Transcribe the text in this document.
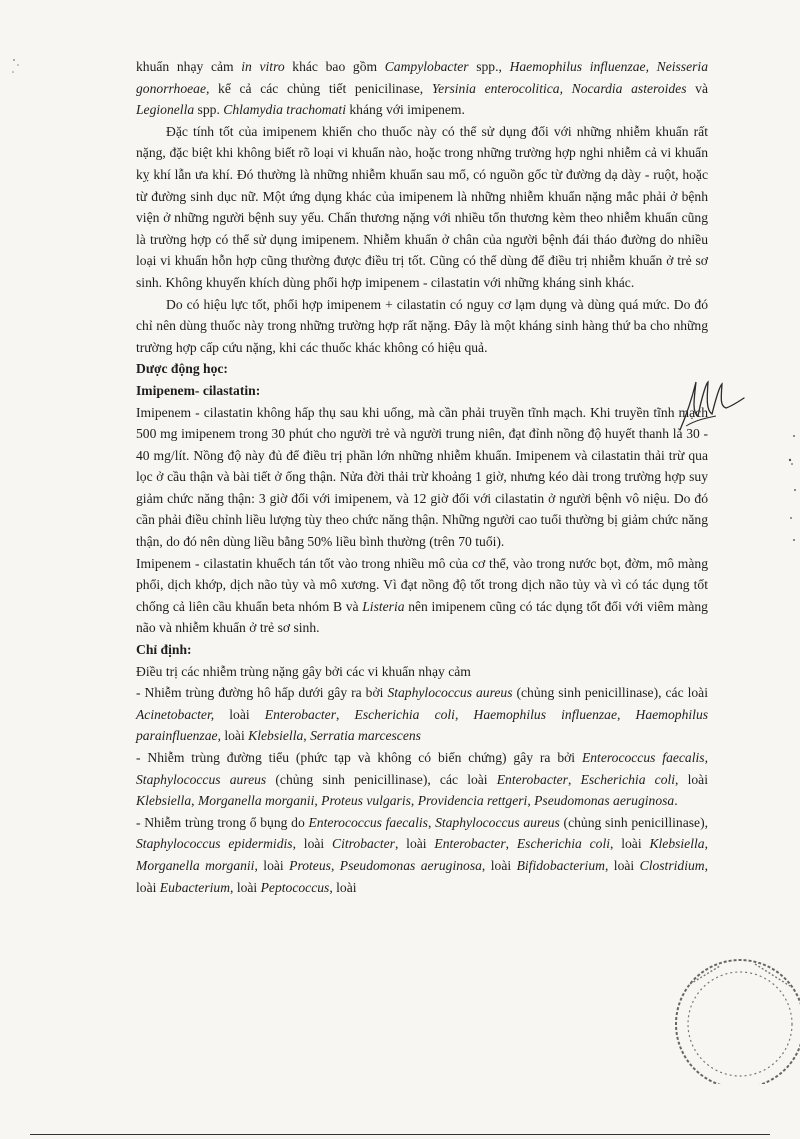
khuẩn nhạy cảm in vitro khác bao gồm Campylobacter spp., Haemophilus influenzae, Neisseria gonorrhoeae, kể cả các chủng tiết penicilinase, Yersinia enterocolitica, Nocardia asteroides và Legionella spp. Chlamydia trachomati kháng với imipenem.

Đặc tính tốt của imipenem khiến cho thuốc này có thể sử dụng đối với những nhiễm khuẩn rất nặng, đặc biệt khi không biết rõ loại vi khuẩn nào, hoặc trong những trường hợp nghi nhiễm cả vi khuẩn kỵ khí lẫn ưa khí. Đó thường là những nhiễm khuẩn sau mổ, có nguồn gốc từ đường dạ dày - ruột, hoặc từ đường sinh dục nữ. Một ứng dụng khác của imipenem là những nhiễm khuẩn nặng mắc phải ở bệnh viện ở những người bệnh suy yếu. Chấn thương nặng với nhiều tổn thương kèm theo nhiễm khuẩn cũng là trường hợp có thể sử dụng imipenem. Nhiễm khuẩn ở chân của người bệnh đái tháo đường do nhiều loại vi khuẩn hỗn hợp cũng thường được điều trị tốt. Cũng có thể dùng để điều trị nhiễm khuẩn ở trẻ sơ sinh. Không khuyến khích dùng phối hợp imipenem - cilastatin với những kháng sinh khác.

Do có hiệu lực tốt, phối hợp imipenem + cilastatin có nguy cơ lạm dụng và dùng quá mức. Do đó chỉ nên dùng thuốc này trong những trường hợp rất nặng. Đây là một kháng sinh hàng thứ ba cho những trường hợp cấp cứu nặng, khi các thuốc khác không có hiệu quả.

Dược động học:

Imipenem- cilastatin:

Imipenem - cilastatin không hấp thụ sau khi uống, mà cần phải truyền tĩnh mạch. Khi truyền tĩnh mạch 500 mg imipenem trong 30 phút cho người trẻ và người trung niên, đạt đỉnh nồng độ huyết thanh là 30 - 40 mg/lít. Nồng độ này đủ để điều trị phần lớn những nhiễm khuẩn. Imipenem và cilastatin thải trừ qua lọc ở cầu thận và bài tiết ở ống thận. Nửa đời thải trừ khoảng 1 giờ, nhưng kéo dài trong trường hợp suy giảm chức năng thận: 3 giờ đối với imipenem, và 12 giờ đối với cilastatin ở người bệnh vô niệu. Do đó cần phải điều chỉnh liều lượng tùy theo chức năng thận. Những người cao tuổi thường bị giảm chức năng thận, do đó nên dùng liều bằng 50% liều bình thường (trên 70 tuổi).

Imipenem - cilastatin khuếch tán tốt vào trong nhiều mô của cơ thể, vào trong nước bọt, đờm, mô màng phổi, dịch khớp, dịch não tủy và mô xương. Vì đạt nồng độ tốt trong dịch não tủy và vì có tác dụng tốt chống cả liên cầu khuẩn beta nhóm B và Listeria nên imipenem cũng có tác dụng tốt đối với viêm màng não và nhiễm khuẩn ở trẻ sơ sinh.

Chỉ định:

Điều trị các nhiễm trùng nặng gây bởi các vi khuẩn nhạy cảm

- Nhiễm trùng đường hô hấp dưới gây ra bởi Staphylococcus aureus (chủng sinh penicillinase), các loài Acinetobacter, loài Enterobacter, Escherichia coli, Haemophilus influenzae, Haemophilus parainfluenzae, loài Klebsiella, Serratia marcescens

- Nhiễm trùng đường tiểu (phức tạp và không có biến chứng) gây ra bởi Enterococcus faecalis, Staphylococcus aureus (chủng sinh penicillinase), các loài Enterobacter, Escherichia coli, loài Klebsiella, Morganella morganii, Proteus vulgaris, Providencia rettgeri, Pseudomonas aeruginosa.

- Nhiễm trùng trong ổ bụng do Enterococcus faecalis, Staphylococcus aureus (chủng sinh penicillinase), Staphylococcus epidermidis, loài Citrobacter, loài Enterobacter, Escherichia coli, loài Klebsiella, Morganella morganii, loài Proteus, Pseudomonas aeruginosa, loài Bifidobacterium, loài Clostridium, loài Eubacterium, loài Peptococcus, loài
